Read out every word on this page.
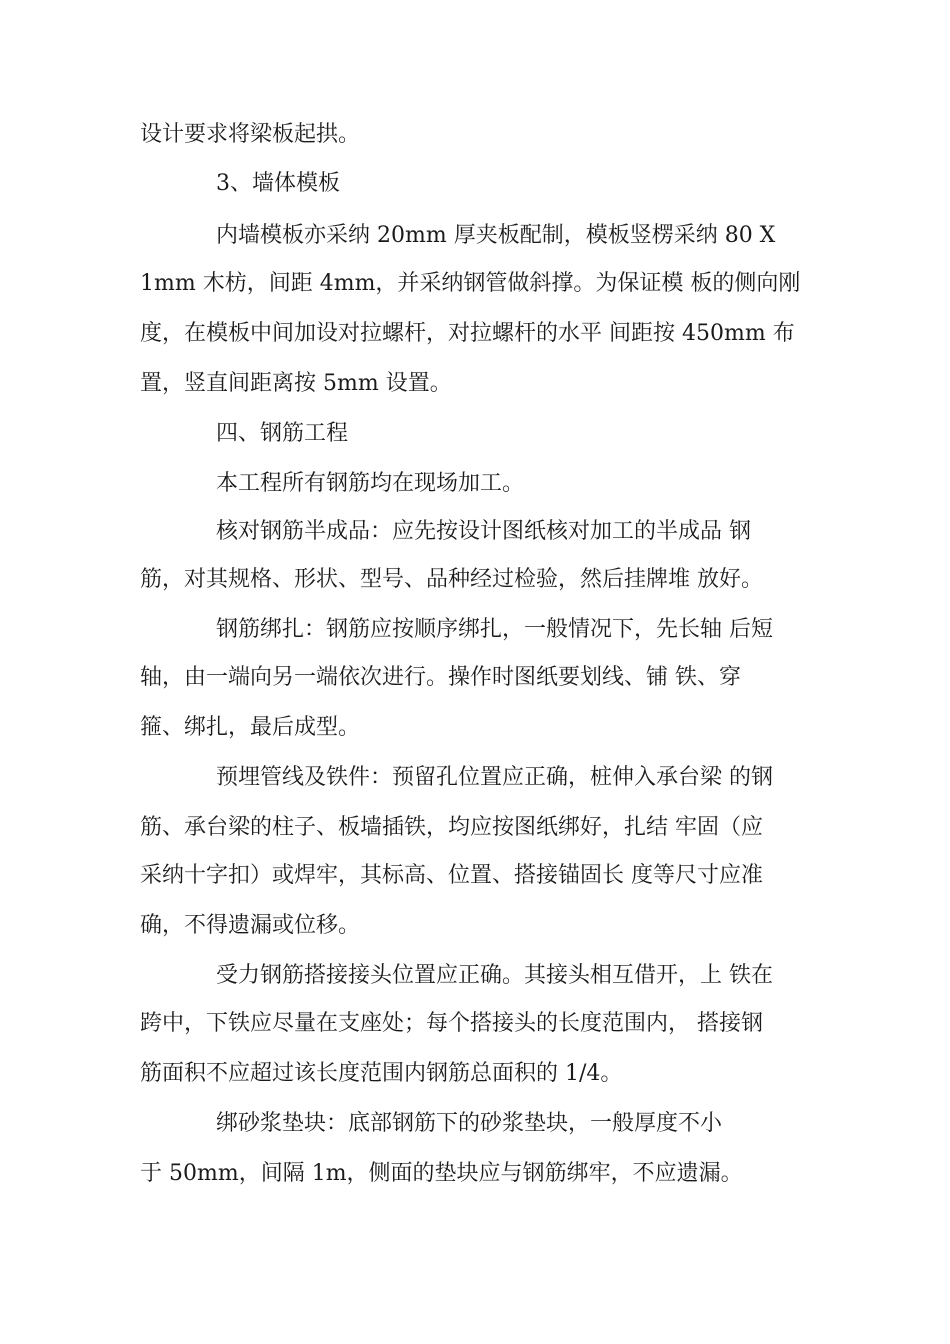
设计要求将梁板起拱。
3、墙体模板
内墙模板亦采纳 20mm 厚夹板配制，模板竖楞采纳 80 X
1mm 木枋，间距 4mm，并采纳钢管做斜撑。为保证模 板的侧向刚
度，在模板中间加设对拉螺杆，对拉螺杆的水平 间距按 450mm 布
置，竖直间距离按 5mm 设置。
四、钢筋工程
本工程所有钢筋均在现场加工。
核对钢筋半成品：应先按设计图纸核对加工的半成品 钢
筋，对其规格、形状、型号、品种经过检验，然后挂牌堆 放好。
钢筋绑扎：钢筋应按顺序绑扎，一般情况下，先长轴 后短
轴，由一端向另一端依次进行。操作时图纸要划线、铺 铁、穿
箍、绑扎，最后成型。
预埋管线及铁件：预留孔位置应正确，桩伸入承台梁 的钢
筋、承台梁的柱子、板墙插铁，均应按图纸绑好，扎结 牢固（应
采纳十字扣）或焊牢，其标高、位置、搭接锚固长 度等尺寸应准
确，不得遗漏或位移。
受力钢筋搭接接头位置应正确。其接头相互借开，上 铁在
跨中，下铁应尽量在支座处；每个搭接头的长度范围内， 搭接钢
筋面积不应超过该长度范围内钢筋总面积的 1/4。
绑砂浆垫块：底部钢筋下的砂浆垫块，一般厚度不小
于 50mm，间隔 1m，侧面的垫块应与钢筋绑牢，不应遗漏。
